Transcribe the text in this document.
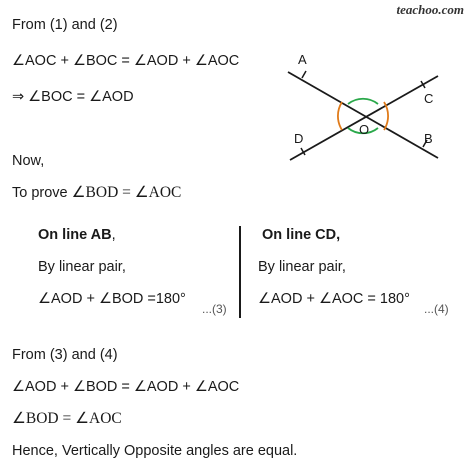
teachoo.com
From (1) and (2)
∠AOC + ∠BOC = ∠AOD + ∠AOC
⇒ ∠BOC = ∠AOD
Now,
To prove ∠BOD = ∠AOC
On line AB,
By linear pair,
∠AOD + ∠BOD =180°
...(3)
On line CD,
By linear pair,
∠AOD + ∠AOC = 180°
...(4)
From (3) and (4)
∠AOD + ∠BOD = ∠AOD + ∠AOC
∠BOD = ∠AOC
Hence, Vertically Opposite angles are equal.
A
C
D	B
O
